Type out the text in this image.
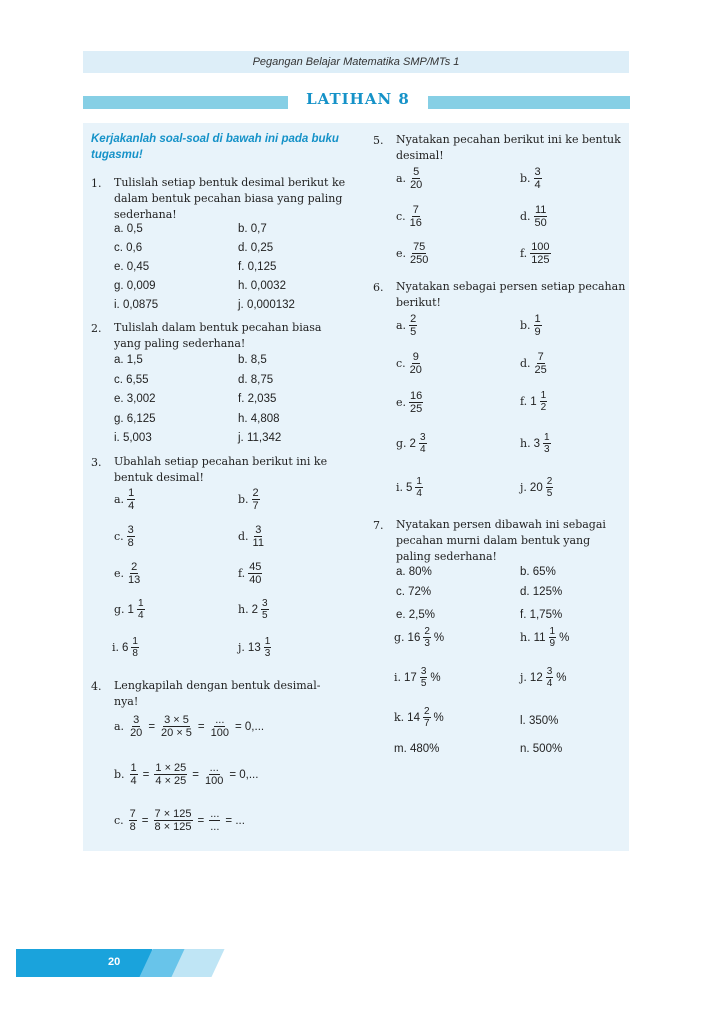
Pegangan Belajar Matematika SMP/MTs 1
LATIHAN 8
Kerjakanlah soal-soal di bawah ini pada buku tugasmu!
1. Tulislah setiap bentuk desimal berikut ke dalam bentuk pecahan biasa yang paling sederhana!
a. 0,5	b. 0,7
c. 0,6	d. 0,25
e. 0,45	f. 0,125
g. 0,009	h. 0,0032
i. 0,0875	j. 0,000132
2. Tulislah dalam bentuk pecahan biasa yang paling sederhana!
a. 1,5	b. 8,5
c. 6,55	d. 8,75
e. 3,002	f. 2,035
g. 6,125	h. 4,808
i. 5,003	j. 11,342
3. Ubahlah setiap pecahan berikut ini ke bentuk desimal!
a. $\frac{1}{4}$	b. $\frac{2}{7}$
c. $\frac{3}{8}$	d. $\frac{3}{11}$
e. $\frac{2}{13}$	f. $\frac{45}{40}$
g. $1 \frac{1}{4}$	h. $2 \frac{3}{5}$
i. $6 \frac{1}{8}$	j. $13 \frac{1}{3}$
4. Lengkapilah dengan bentuk desimal-nya!
a. $\frac{3}{20} = \frac{3 \times 5}{20 \times 5}$ =
...
100
= 0,...
b. $\frac{1}{4} = \frac{1 \times 25}{4 \times 25}$ =
...
100
= 0,...
c. $\frac{7}{8} = \frac{7 \times 125}{8 \times 125}$ =
...
...
= ...
5. Nyatakan pecahan berikut ini ke bentuk desimal!
a. $\frac{5}{20}$	b. $\frac{3}{4}$
c. $\frac{7}{16}$	d. $\frac{11}{50}$
e. $\frac{75}{250}$	f. $\frac{100}{125}$
6. Nyatakan sebagai persen setiap pecahan berikut!
a. $\frac{2}{5}$	b. $\frac{1}{9}$
c. $\frac{9}{20}$	d. $\frac{7}{25}$
e. $\frac{16}{25}$	f. $1 \frac{1}{2}$
g. $2 \frac{3}{4}$	h. $3 \frac{1}{3}$
i. $5 \frac{1}{4}$	j. $20 \frac{2}{5}$
7. Nyatakan persen dibawah ini sebagai pecahan murni dalam bentuk yang paling sederhana!
a. 80%	b. 65%
c. 72%	d. 125%
e. 2,5%	f. 1,75%
g. $16 \frac{2}{3}$ %	h. $11 \frac{1}{9}$ %
i. $17 \frac{3}{5}$ %	j. $12 \frac{3}{4}$ %
k. $14 \frac{2}{7}$ %	l. 350%
m. 480%	n. 500%
20
